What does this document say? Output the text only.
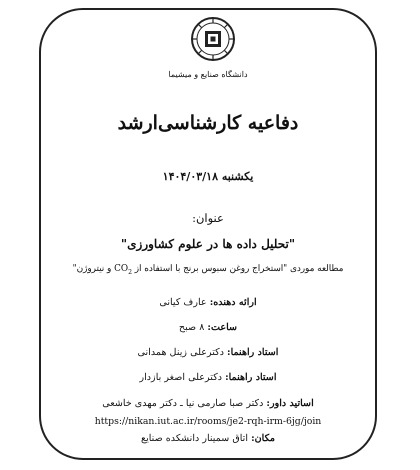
دانشگاه صنایع و میشیما
دفاعیه کارشناسی‌ارشد
یکشنبه ۱۴۰۴/۰۳/۱۸
عنوان:
"تحلیل داده ها در علوم کشاورزی"
مطالعه موردی "استخراج روغن سبوس برنج با استفاده از $CO_2$ و نیتروژن"
ارائه دهنده: عارف کیانی
ساعت: ۸ صبح
استاد راهنما: دکترعلی زینل همدانی
استاد راهنما: دکترعلی اصغر بازدار
اساتید داور: دکتر صبا صارمی نیا ـ دکتر مهدی خاشعی
https://nikan.iut.ac.ir/rooms/je2-rqh-irm-6jg/join
مکان: اتاق سمینار دانشکده صنایع
